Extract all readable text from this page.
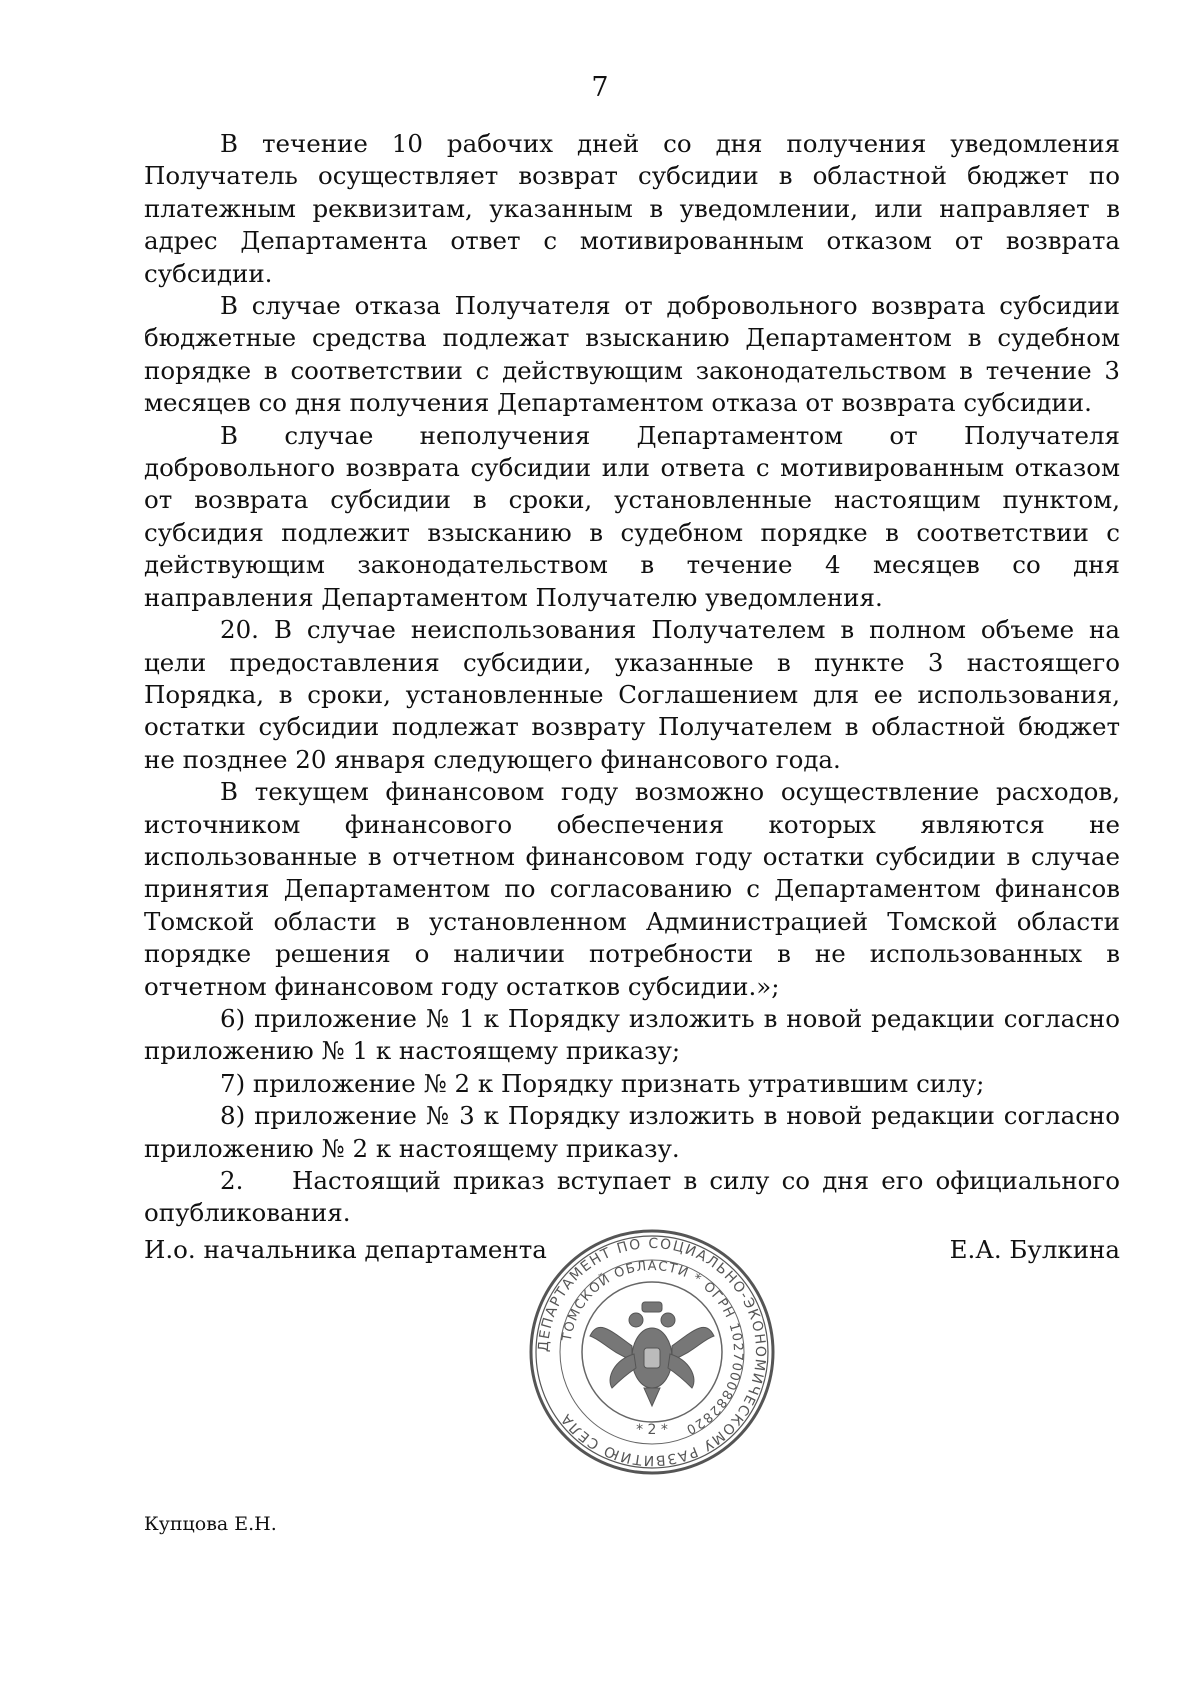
7

В течение 10 рабочих дней со дня получения уведомления Получатель осуществляет возврат субсидии в областной бюджет по платежным реквизитам, указанным в уведомлении, или направляет в адрес Департамента ответ с мотивированным отказом от возврата субсидии.

В случае отказа Получателя от добровольного возврата субсидии бюджетные средства подлежат взысканию Департаментом в судебном порядке в соответствии с действующим законодательством в течение 3 месяцев со дня получения Департаментом отказа от возврата субсидии.

В случае неполучения Департаментом от Получателя добровольного возврата субсидии или ответа с мотивированным отказом от возврата субсидии в сроки, установленные настоящим пунктом, субсидия подлежит взысканию в судебном порядке в соответствии с действующим законодательством в течение 4 месяцев со дня направления Департаментом Получателю уведомления.

20. В случае неиспользования Получателем в полном объеме на цели предоставления субсидии, указанные в пункте 3 настоящего Порядка, в сроки, установленные Соглашением для ее использования, остатки субсидии подлежат возврату Получателем в областной бюджет не позднее 20 января следующего финансового года.

В текущем финансовом году возможно осуществление расходов, источником финансового обеспечения которых являются не использованные в отчетном финансовом году остатки субсидии в случае принятия Департаментом по согласованию с Департаментом финансов Томской области в установленном Администрацией Томской области порядке решения о наличии потребности в не использованных в отчетном финансовом году остатков субсидии.»;

6) приложение № 1 к Порядку изложить в новой редакции согласно приложению № 1 к настоящему приказу;

7) приложение № 2 к Порядку признать утратившим силу;

8) приложение № 3 к Порядку изложить в новой редакции согласно приложению № 2 к настоящему приказу.

2.    Настоящий приказ вступает в силу со дня его официального опубликования.

И.о. начальника департамента	Е.А. Булкина
ДЕПАРТАМЕНТ ПО СОЦИАЛЬНО-ЭКОНОМИЧЕСКОМУ РАЗВИТИЮ СЕЛА
ТОМСКОЙ ОБЛАСТИ * ОГРН 1027000882820
* 2 *
Купцова Е.Н.
